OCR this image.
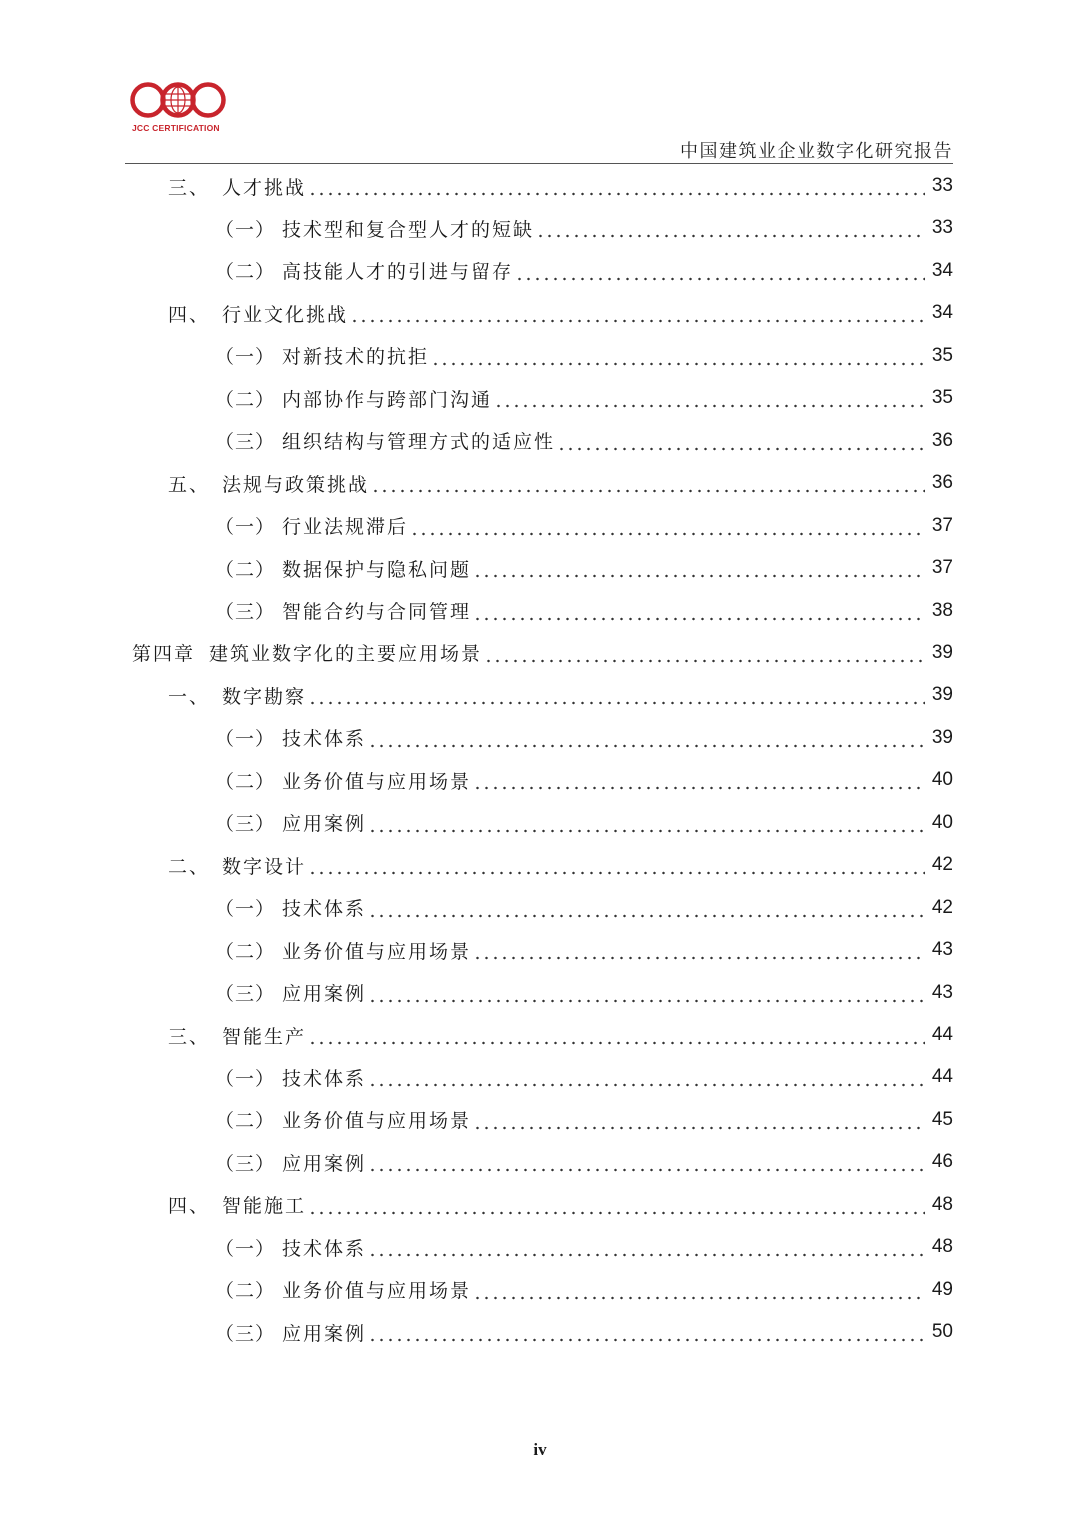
JCC CERTIFICATION
中国建筑业企业数字化研究报告
三、 人才挑战	33
（一） 技术型和复合型人才的短缺	33
（二） 高技能人才的引进与留存	34
四、 行业文化挑战	34
（一） 对新技术的抗拒	35
（二） 内部协作与跨部门沟通	35
（三） 组织结构与管理方式的适应性	36
五、 法规与政策挑战	36
（一） 行业法规滞后	37
（二） 数据保护与隐私问题	37
（三） 智能合约与合同管理	38
第四章 建筑业数字化的主要应用场景	39
一、 数字勘察	39
（一） 技术体系	39
（二） 业务价值与应用场景	40
（三） 应用案例	40
二、 数字设计	42
（一） 技术体系	42
（二） 业务价值与应用场景	43
（三） 应用案例	43
三、 智能生产	44
（一） 技术体系	44
（二） 业务价值与应用场景	45
（三） 应用案例	46
四、 智能施工	48
（一） 技术体系	48
（二） 业务价值与应用场景	49
（三） 应用案例	50
iv
